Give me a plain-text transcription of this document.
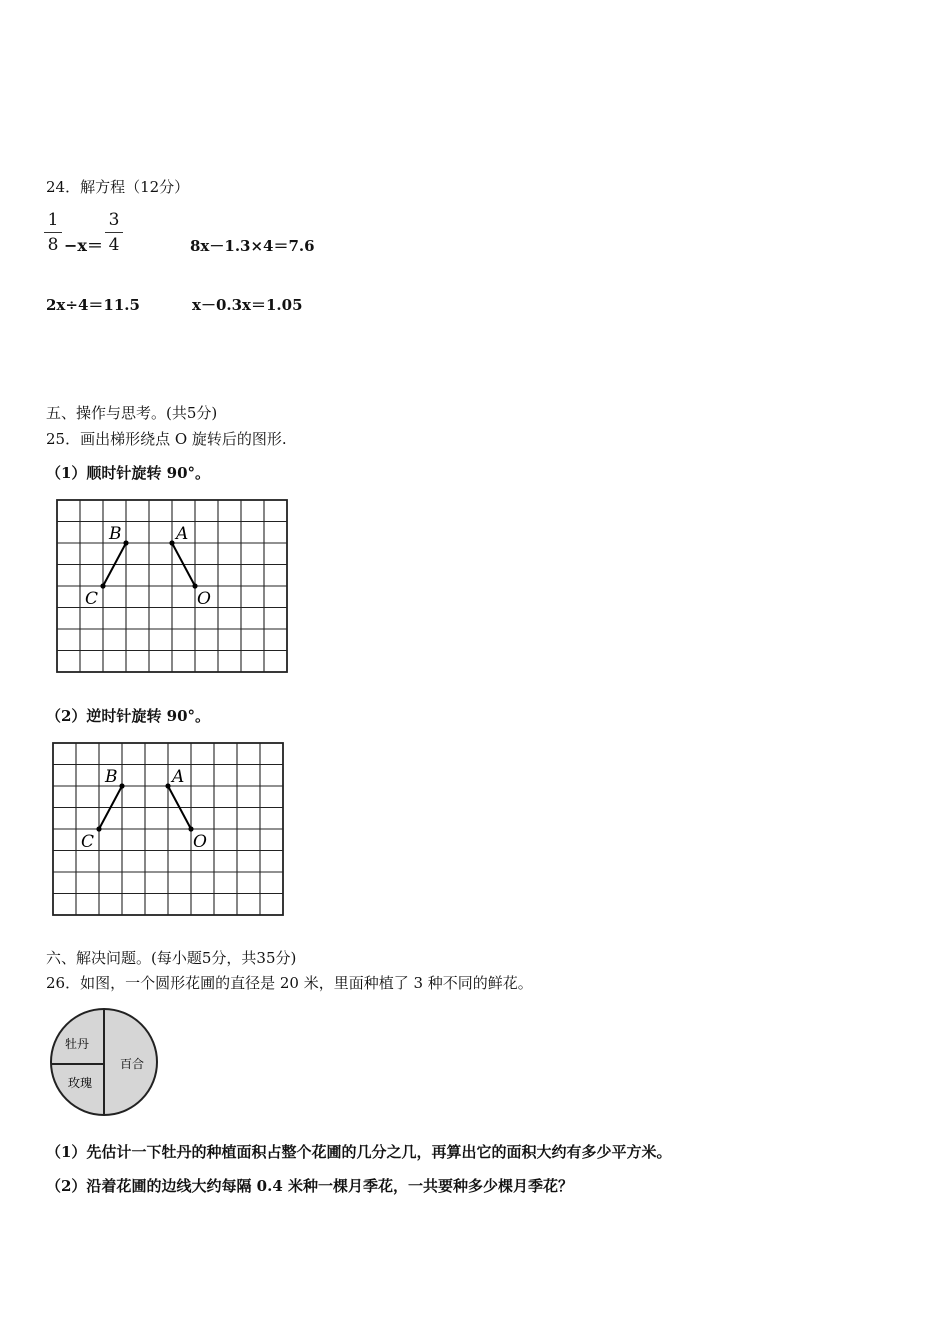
24．解方程（12分）
1
8 −x＝
3
4	8x－1.3×4＝7.6
2x÷4＝11.5	x－0.3x＝1.05
五、操作与思考。(共5分)
25．画出梯形绕点 O 旋转后的图形.
（1）顺时针旋转 90°。
B	A
C	O
（2）逆时针旋转 90°。
B	A
C	O
六、解决问题。(每小题5分，共35分)
26．如图，一个圆形花圃的直径是 20 米，里面种植了 3 种不同的鲜花。
牡丹
百合
玫瑰
（1）先估计一下牡丹的种植面积占整个花圃的几分之几，再算出它的面积大约有多少平方米。
（2）沿着花圃的边线大约每隔 0.4 米种一棵月季花，一共要种多少棵月季花？
